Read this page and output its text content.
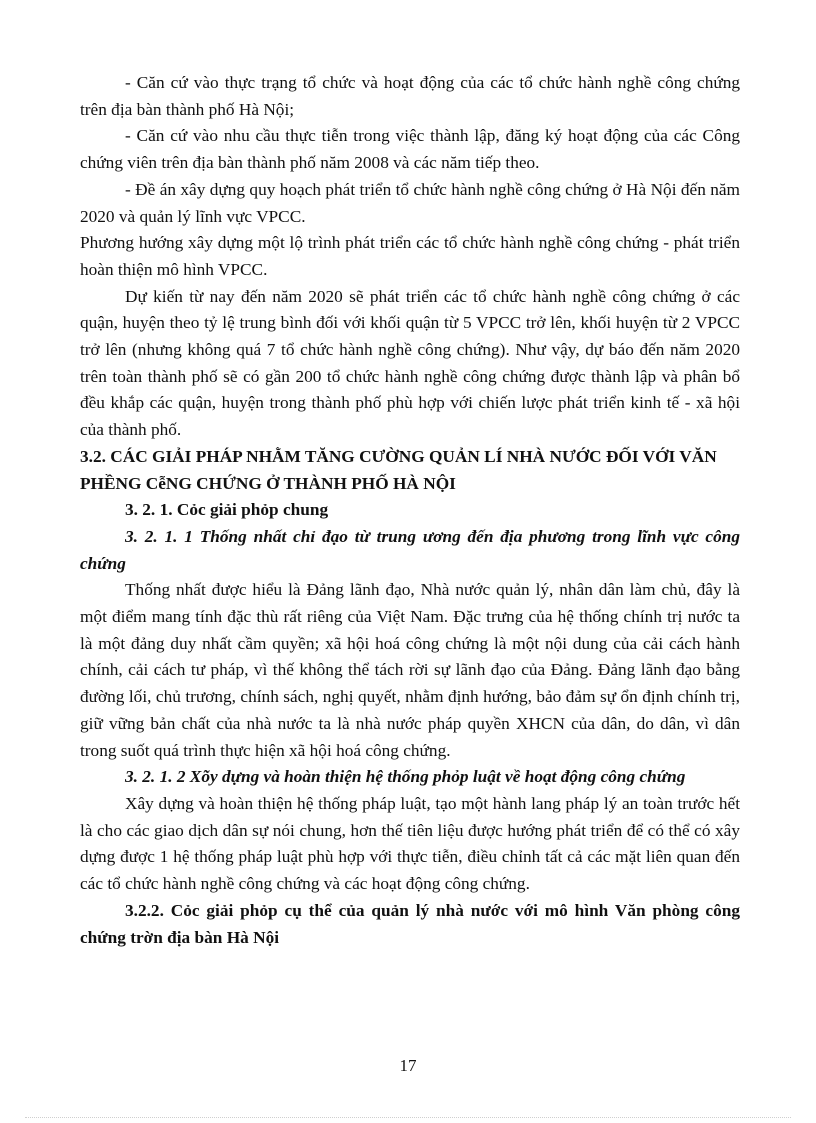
- Căn cứ vào thực trạng tổ chức và hoạt động của các tổ chức hành nghề công chứng trên địa bàn thành phố Hà Nội;

- Căn cứ vào nhu cầu thực tiễn trong việc thành lập, đăng ký hoạt động của các Công chứng viên trên địa bàn thành phố năm 2008 và các năm tiếp theo.

- Đề án xây dựng quy hoạch phát triển tổ chức hành nghề công chứng ở Hà Nội đến năm 2020 và quản lý lĩnh vực VPCC.

Phương hướng xây dựng một lộ trình phát triển các tổ chức hành nghề công chứng - phát triển hoàn thiện mô hình VPCC.

Dự kiến từ nay đến năm 2020 sẽ phát triển các tổ chức hành nghề công chứng ở các quận, huyện theo tỷ lệ trung bình đối với khối quận từ 5 VPCC trở lên, khối huyện từ 2 VPCC trở lên (nhưng không quá 7 tổ chức hành nghề công chứng). Như vậy, dự báo đến năm 2020 trên toàn thành phố sẽ có gần 200 tổ chức hành nghề công chứng được thành lập và phân bổ đều khắp các quận, huyện trong thành phố phù hợp với chiến lược phát triển kinh tế - xã hội của thành phố.

3.2. CÁC GIẢI PHÁP NHẰM TĂNG CƯỜNG QUẢN LÍ NHÀ NƯỚC ĐỐI VỚI VĂN PHỀNG CễNG CHỨNG Ở THÀNH PHỐ HÀ NỘI

3. 2. 1. Cỏc giải phỏp chung

3. 2. 1. 1 Thống nhất chỉ đạo từ trung ương đến địa phương trong lĩnh vực công chứng

Thống nhất được hiểu là Đảng lãnh đạo, Nhà nước quản lý, nhân dân làm chủ, đây là một điểm mang tính đặc thù rất riêng của Việt Nam. Đặc trưng của hệ thống chính trị nước ta là một đảng duy nhất cầm quyền; xã hội hoá công chứng là một nội dung của cải cách hành chính, cải cách tư pháp, vì thế không thể tách rời sự lãnh đạo của Đảng. Đảng lãnh đạo bằng đường lối, chủ trương, chính sách, nghị quyết, nhằm định hướng, bảo đảm sự ổn định chính trị, giữ vững bản chất của nhà nước ta là nhà nước pháp quyền XHCN của dân, do dân, vì dân trong suốt quá trình thực hiện xã hội hoá công chứng.

3. 2. 1. 2 Xõy dựng và hoàn thiện hệ thống phỏp luật về hoạt động công chứng

Xây dựng và hoàn thiện hệ thống pháp luật, tạo một hành lang pháp lý an toàn trước hết là cho các giao dịch dân sự nói chung, hơn thế tiên liệu được hướng phát triển để có thể có xây dựng được 1 hệ thống pháp luật phù hợp với thực tiễn, điều chỉnh tất cả các mặt liên quan đến các tổ chức hành nghề công chứng và các hoạt động công chứng.

3.2.2. Cỏc giải phỏp cụ thể của quản lý nhà nước với mô hình Văn phòng công chứng trờn địa bàn Hà Nội

17
